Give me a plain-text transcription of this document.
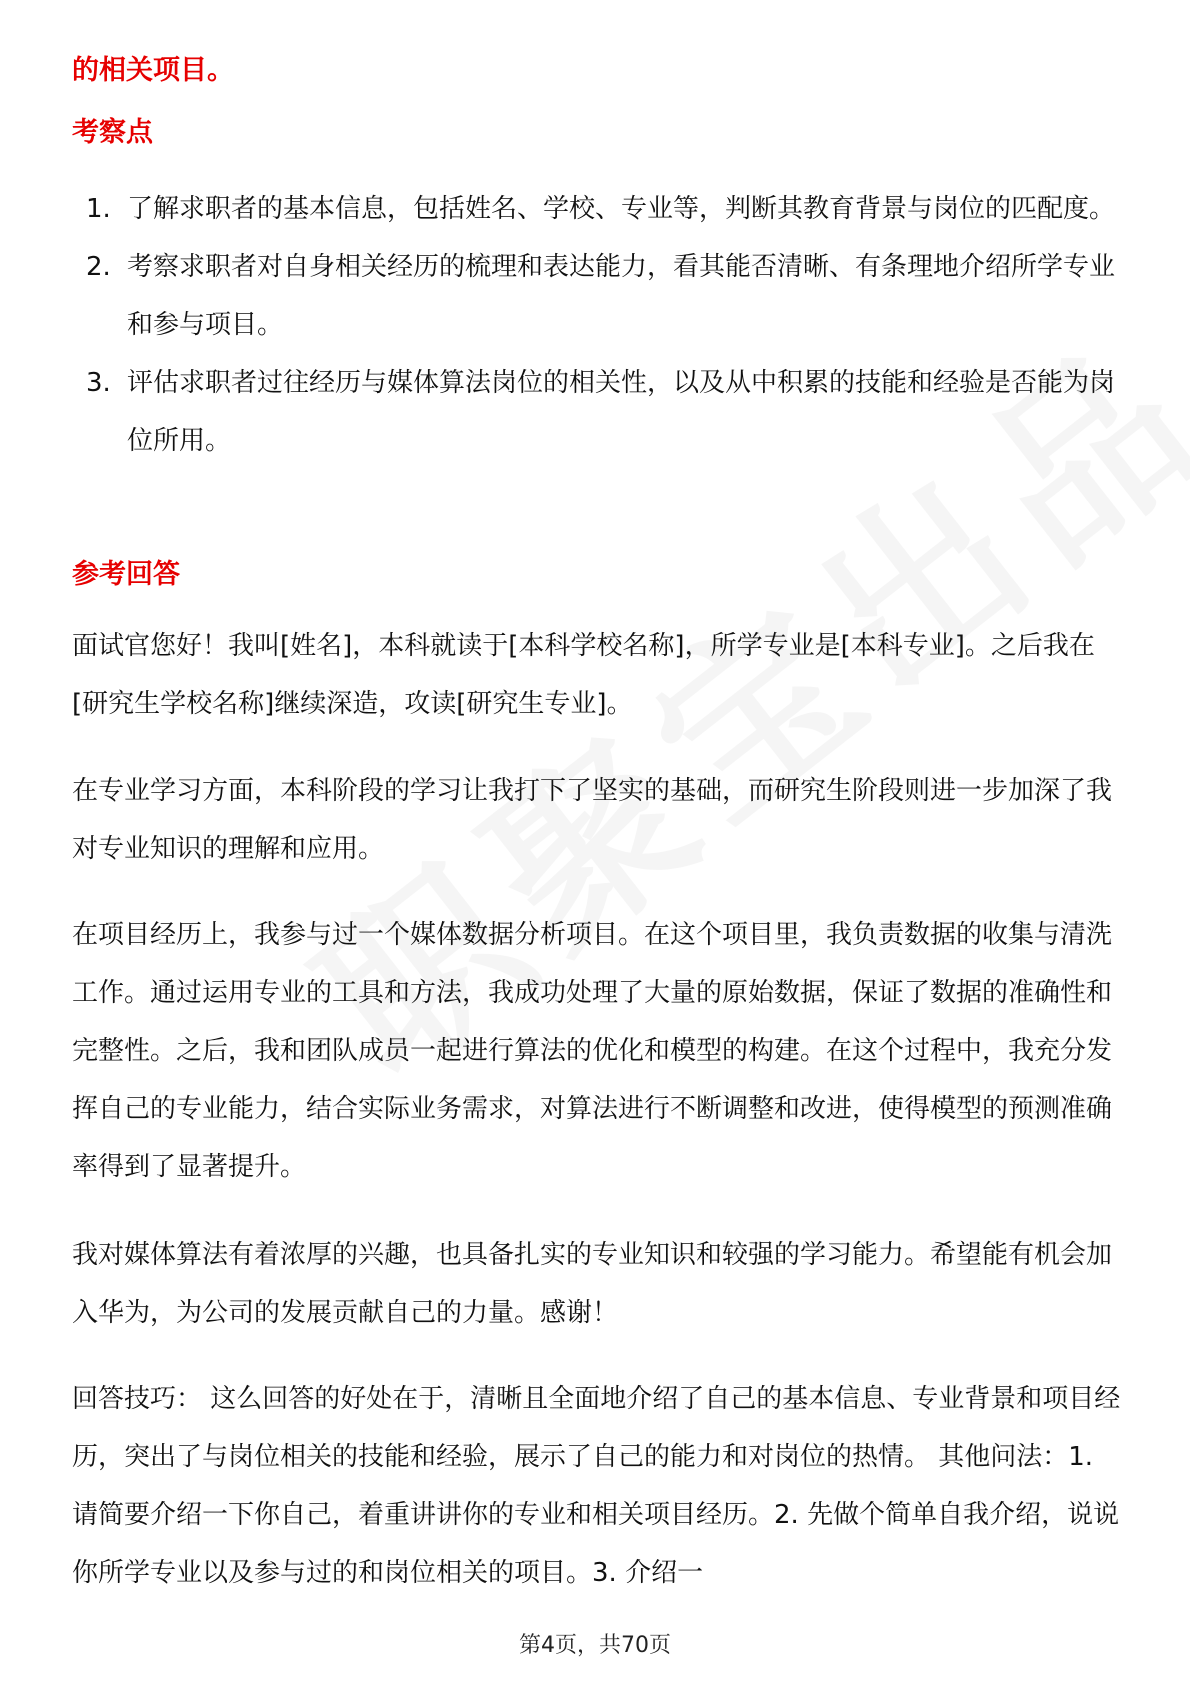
的相关项目。
考察点
1. 了解求职者的基本信息，包括姓名、学校、专业等，判断其教育背景与岗位的匹配度。
2. 考察求职者对自身相关经历的梳理和表达能力，看其能否清晰、有条理地介绍所学专业和参与项目。
3. 评估求职者过往经历与媒体算法岗位的相关性，以及从中积累的技能和经验是否能为岗位所用。
参考回答

面试官您好！我叫[姓名]，本科就读于[本科学校名称]，所学专业是[本科专业]。之后我在[研究生学校名称]继续深造，攻读[研究生专业]。

在专业学习方面，本科阶段的学习让我打下了坚实的基础，而研究生阶段则进一步加深了我对专业知识的理解和应用。

在项目经历上，我参与过一个媒体数据分析项目。在这个项目里，我负责数据的收集与清洗工作。通过运用专业的工具和方法，我成功处理了大量的原始数据，保证了数据的准确性和完整性。之后，我和团队成员一起进行算法的优化和模型的构建。在这个过程中，我充分发挥自己的专业能力，结合实际业务需求，对算法进行不断调整和改进，使得模型的预测准确率得到了显著提升。

我对媒体算法有着浓厚的兴趣，也具备扎实的专业知识和较强的学习能力。希望能有机会加入华为，为公司的发展贡献自己的力量。感谢！

回答技巧： 这么回答的好处在于，清晰且全面地介绍了自己的基本信息、专业背景和项目经历，突出了与岗位相关的技能和经验，展示了自己的能力和对岗位的热情。 其他问法：1. 请简要介绍一下你自己，着重讲讲你的专业和相关项目经历。2. 先做个简单自我介绍，说说你所学专业以及参与过的和岗位相关的项目。3. 介绍一

第4页，共70页
